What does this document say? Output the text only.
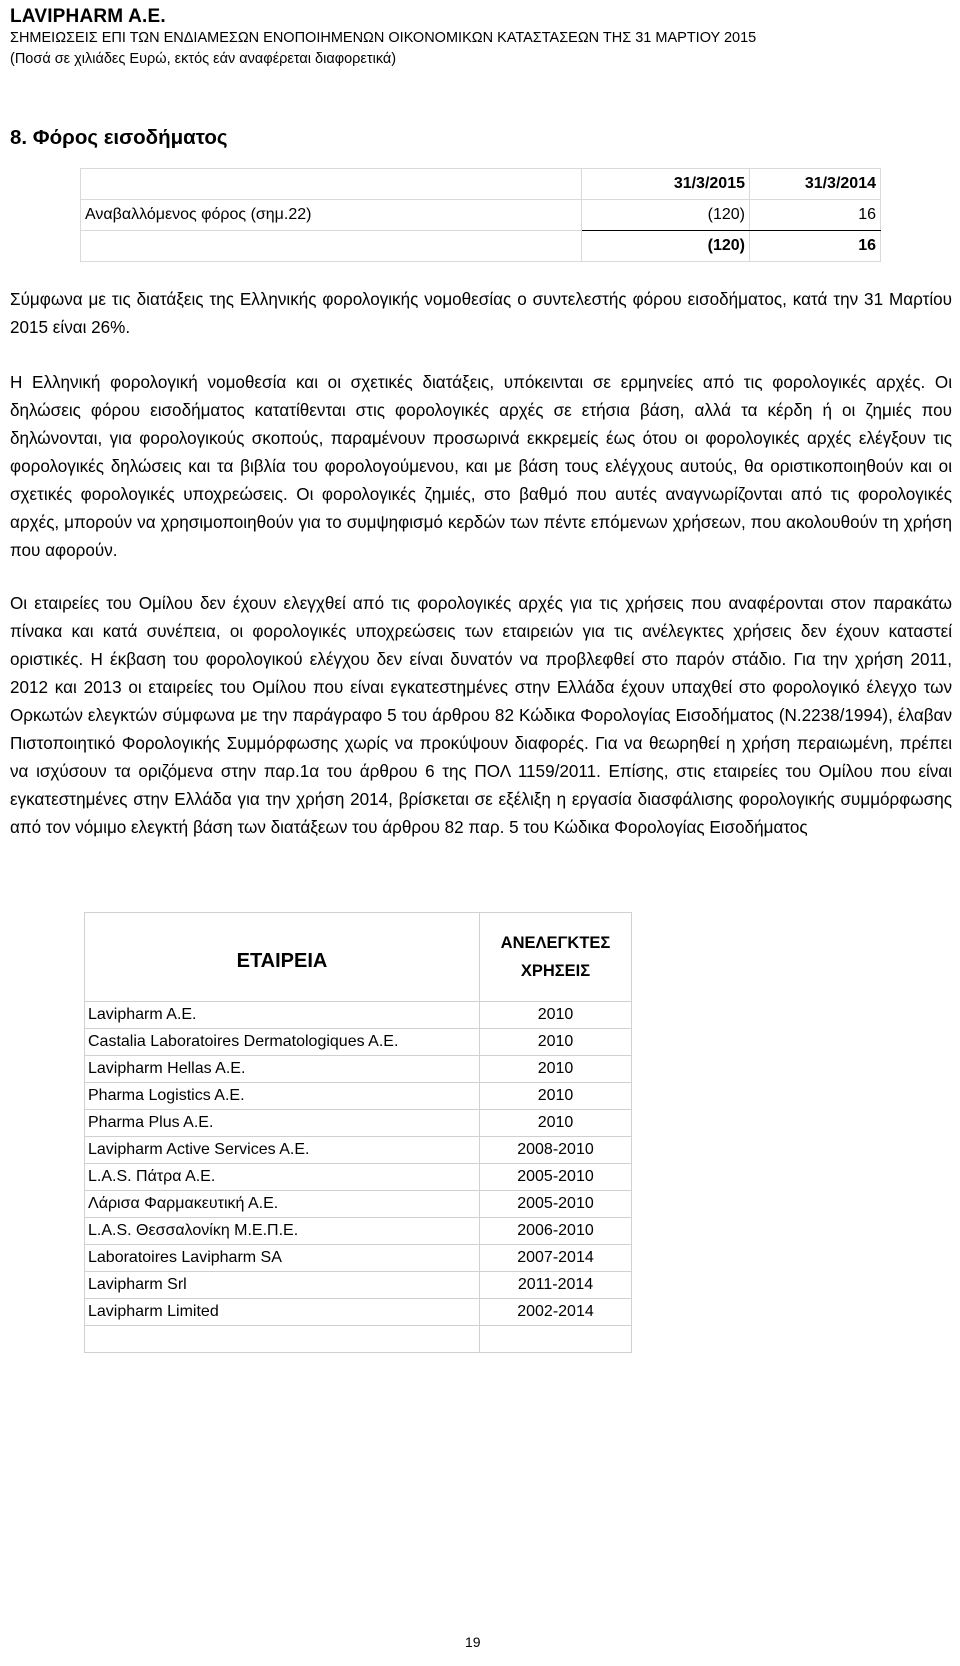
LAVIPHARM A.E.
ΣΗΜΕΙΩΣΕΙΣ ΕΠΙ ΤΩΝ ΕΝΔΙΑΜΕΣΩΝ ΕΝΟΠΟΙΗΜΕΝΩΝ ΟΙΚΟΝΟΜΙΚΩΝ ΚΑΤΑΣΤΑΣΕΩΝ ΤΗΣ 31 ΜΑΡΤΙΟΥ 2015
(Ποσά σε χιλιάδες Ευρώ, εκτός εάν αναφέρεται διαφορετικά)
8. Φόρος εισοδήματος
	31/3/2015	31/3/2014
Αναβαλλόμενος φόρος (σημ.22)	(120)	16
	(120)	16
Σύμφωνα με τις διατάξεις της Ελληνικής φορολογικής νομοθεσίας ο συντελεστής φόρου εισοδήματος, κατά την 31 Μαρτίου 2015 είναι 26%.
Η Ελληνική φορολογική νομοθεσία και οι σχετικές διατάξεις, υπόκεινται σε ερμηνείες από τις φορολογικές αρχές. Οι δηλώσεις φόρου εισοδήματος κατατίθενται στις φορολογικές αρχές σε ετήσια βάση, αλλά τα κέρδη ή οι ζημιές που δηλώνονται, για φορολογικούς σκοπούς, παραμένουν προσωρινά εκκρεμείς έως ότου οι φορολογικές αρχές ελέγξουν τις φορολογικές δηλώσεις και τα βιβλία του φορολογούμενου, και με βάση τους ελέγχους αυτούς, θα οριστικοποιηθούν και οι σχετικές φορολογικές υποχρεώσεις. Οι φορολογικές ζημιές, στο βαθμό που αυτές αναγνωρίζονται από τις φορολογικές αρχές, μπορούν να χρησιμοποιηθούν για το συμψηφισμό κερδών των πέντε επόμενων χρήσεων, που ακολουθούν τη χρήση που αφορούν.
Οι εταιρείες του Ομίλου δεν έχουν ελεγχθεί από τις φορολογικές αρχές για τις χρήσεις που αναφέρονται στον παρακάτω πίνακα και κατά συνέπεια, οι φορολογικές υποχρεώσεις των εταιρειών για τις ανέλεγκτες χρήσεις δεν έχουν καταστεί οριστικές. Η έκβαση του φορολογικού ελέγχου δεν είναι δυνατόν να προβλεφθεί στο παρόν στάδιο. Για την χρήση 2011, 2012 και 2013 οι εταιρείες του Ομίλου που είναι εγκατεστημένες στην Ελλάδα έχουν υπαχθεί στο φορολογικό έλεγχο των Ορκωτών ελεγκτών σύμφωνα με την παράγραφο 5 του άρθρου 82 Κώδικα Φορολογίας Εισοδήματος (Ν.2238/1994), έλαβαν Πιστοποιητικό Φορολογικής Συμμόρφωσης χωρίς να προκύψουν διαφορές. Για να θεωρηθεί η χρήση περαιωμένη, πρέπει να ισχύσουν τα οριζόμενα στην παρ.1α του άρθρου 6 της ΠΟΛ 1159/2011. Επίσης, στις εταιρείες του Ομίλου που είναι εγκατεστημένες στην Ελλάδα για την χρήση 2014, βρίσκεται σε εξέλιξη η εργασία διασφάλισης φορολογικής συμμόρφωσης από τον νόμιμο ελεγκτή βάση των διατάξεων του άρθρου 82 παρ. 5 του Κώδικα Φορολογίας Εισοδήματος
ΕΤΑΙΡΕΙΑ	ΑΝΕΛΕΓΚΤΕΣ
ΧΡΗΣΕΙΣ
Lavipharm A.E.	2010
Castalia Laboratoires Dermatologiques A.E.	2010
Lavipharm Hellas A.E.	2010
Pharma Logistics A.E.	2010
Pharma Plus A.E.	2010
Lavipharm Active Services A.E.	2008-2010
L.A.S. Πάτρα Α.Ε.	2005-2010
Λάρισα Φαρμακευτική Α.Ε.	2005-2010
L.A.S. Θεσσαλονίκη Μ.Ε.Π.Ε.	2006-2010
Laboratoires Lavipharm SA	2007-2014
Lavipharm Srl	2011-2014
Lavipharm Limited	2002-2014

19
